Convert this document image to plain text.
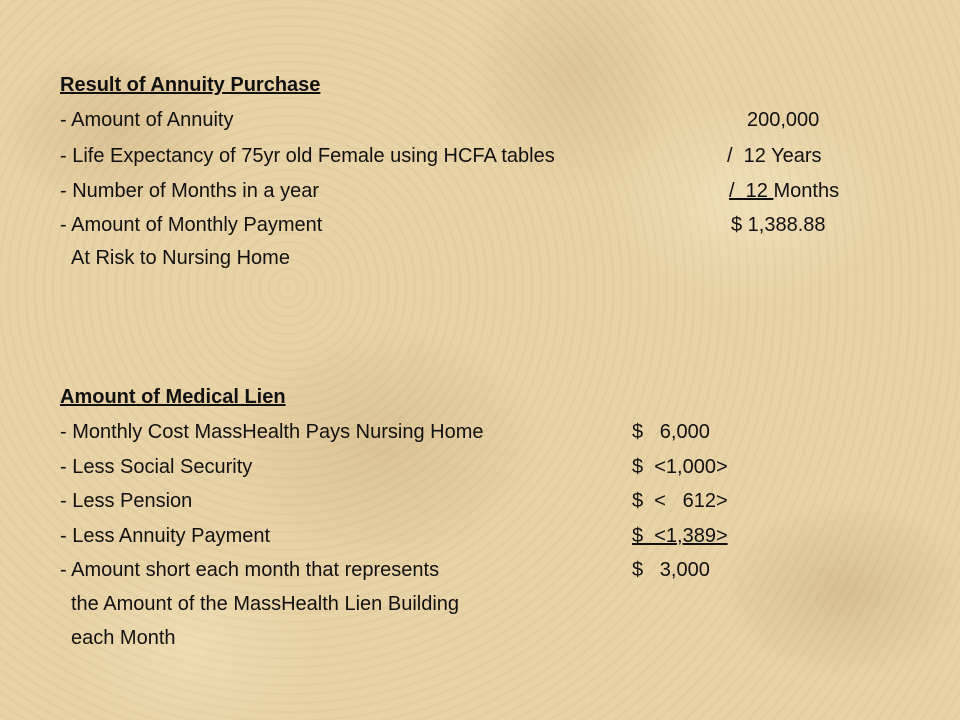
Result of Annuity Purchase

- Amount of Annuity	200,000

- Life Expectancy of 75yr old Female using HCFA tables	/  12 Years

- Number of Months in a year	/  12 Months

- Amount of Monthly Payment	$ 1,388.88

At Risk to Nursing Home

Amount of Medical Lien

- Monthly Cost MassHealth Pays Nursing Home	$   6,000

- Less Social Security	$  <1,000>

- Less Pension	$  <   612>

- Less Annuity Payment	$  <1,389>

- Amount short each month that represents	$   3,000

the Amount of the MassHealth Lien Building

each Month
